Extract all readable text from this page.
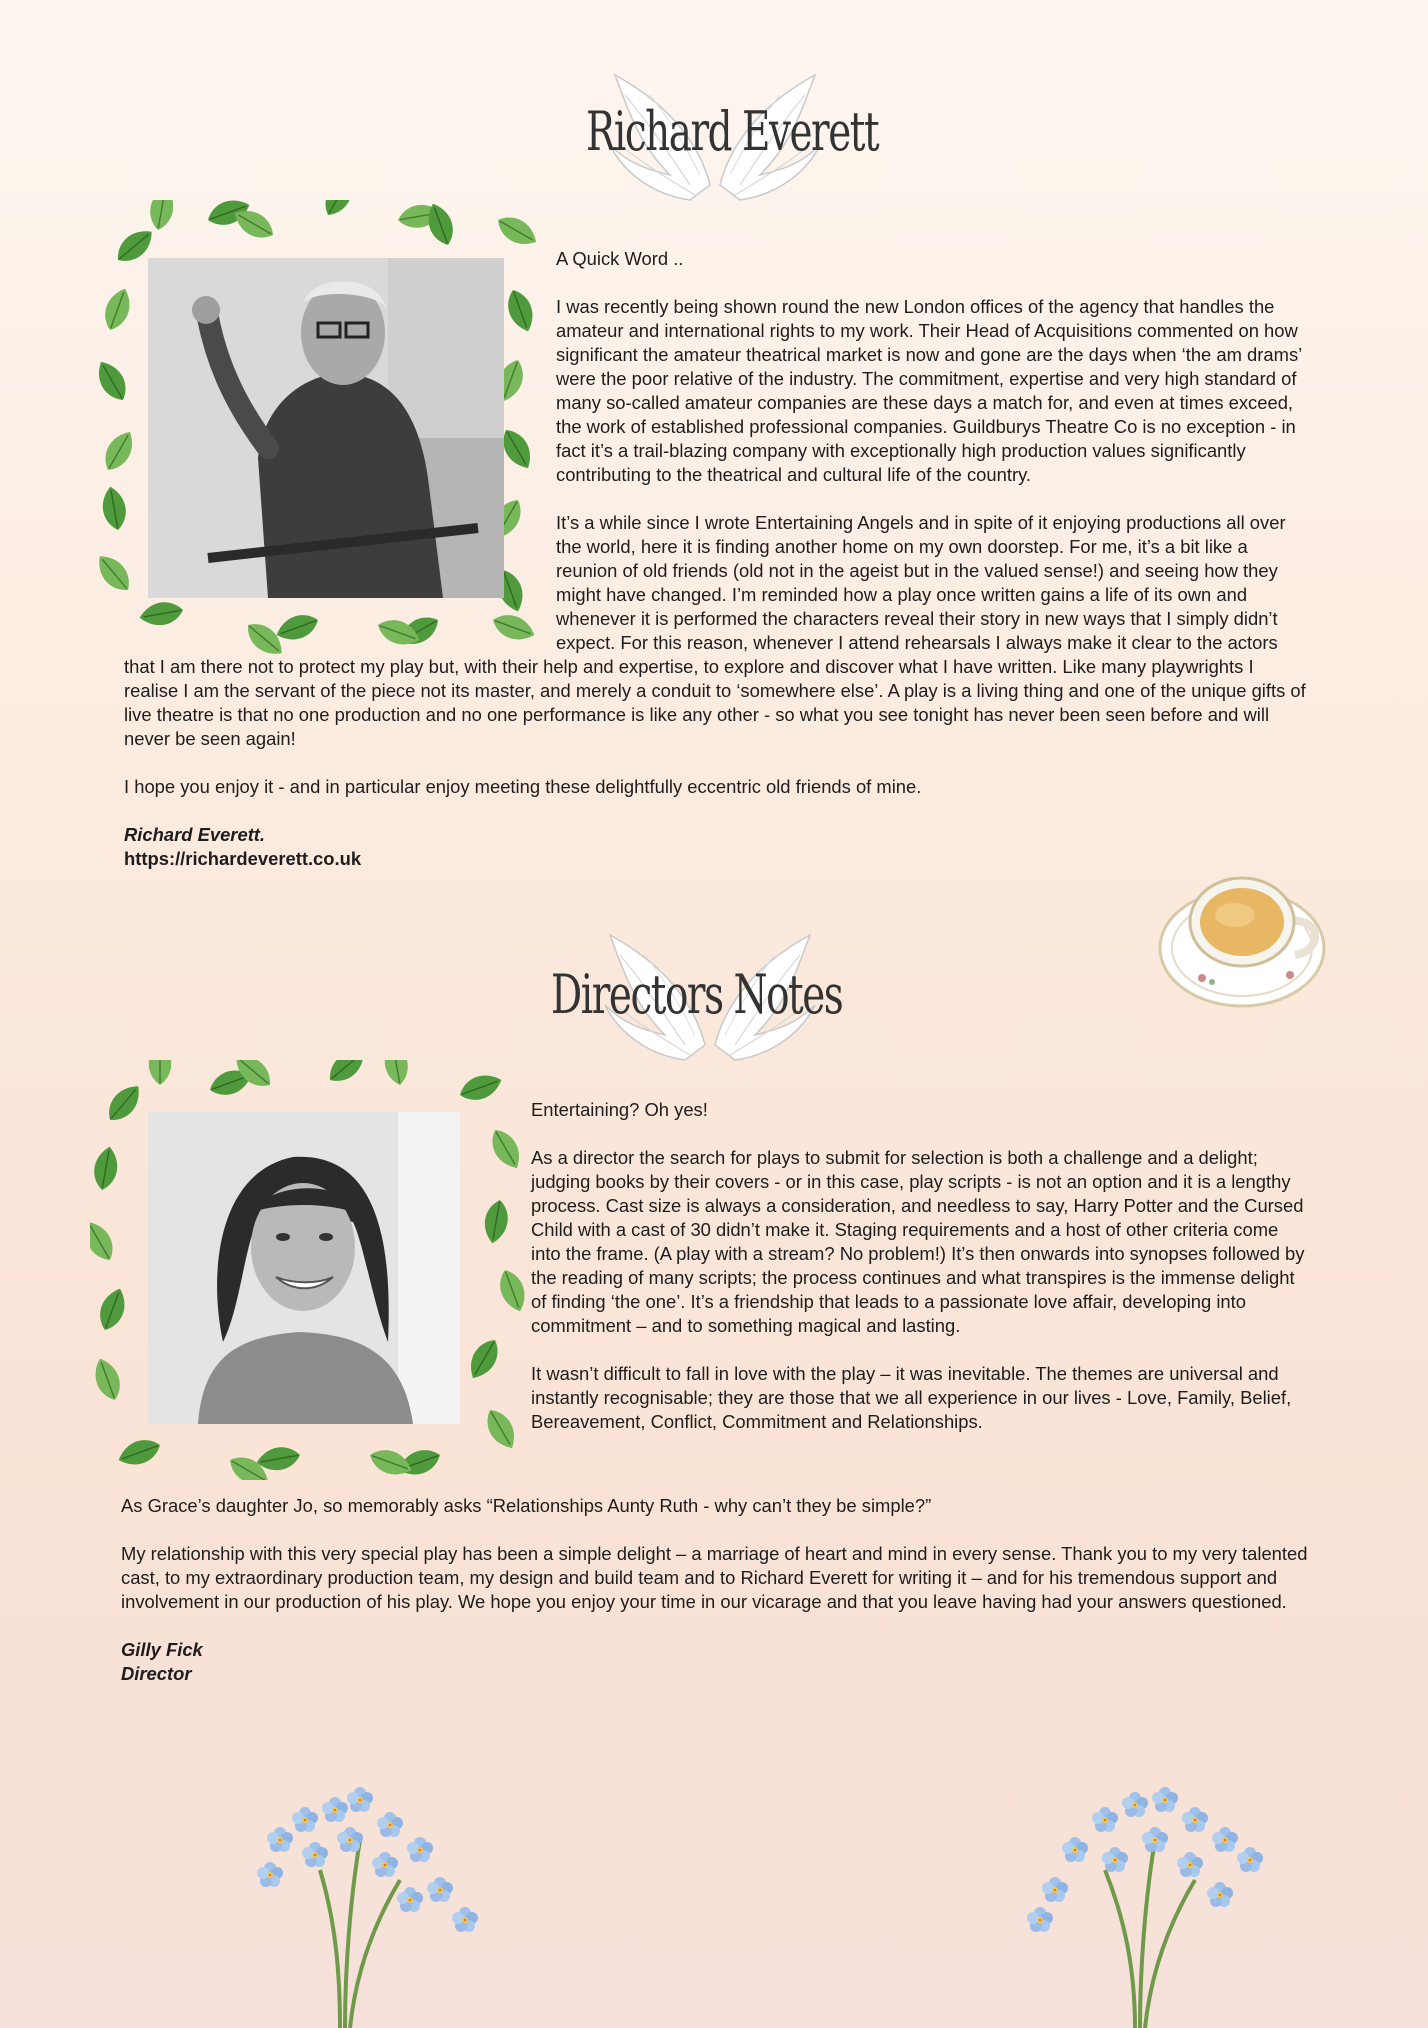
Richard Everett

A Quick Word ..

I was recently being shown round the new London offices of the agency that handles the amateur and international rights to my work. Their Head of Acquisitions commented on how significant the amateur theatrical market is now and gone are the days when ‘the am drams’ were the poor relative of the industry. The commitment, expertise and very high standard of many so-called amateur companies are these days a match for, and even at times exceed, the work of established professional companies. Guildburys Theatre Co is no exception - in fact it’s a trail-blazing company with exceptionally high production values significantly contributing to the theatrical and cultural life of the country.

It’s a while since I wrote Entertaining Angels and in spite of it enjoying productions all over the world, here it is finding another home on my own doorstep. For me, it’s a bit like a reunion of old friends (old not in the ageist but in the valued sense!) and seeing how they might have changed. I’m reminded how a play once written gains a life of its own and whenever it is performed the characters reveal their story in new ways that I simply didn’t expect. For this reason, whenever I attend rehearsals I always make it clear to the actors that I am there not to protect my play but, with their help and expertise, to explore and discover what I have written. Like many playwrights I realise I am the servant of the piece not its master, and merely a conduit to ‘somewhere else’. A play is a living thing and one of the unique gifts of live theatre is that no one production and no one performance is like any other - so what you see tonight has never been seen before and will never be seen again!

I hope you enjoy it - and in particular enjoy meeting these delightfully eccentric old friends of mine.

Richard Everett.

https://richardeverett.co.uk

Directors Notes

Entertaining? Oh yes!

As a director the search for plays to submit for selection is both a challenge and a delight; judging books by their covers - or in this case, play scripts - is not an option and it is a lengthy process. Cast size is always a consideration, and needless to say, Harry Potter and the Cursed Child with a cast of 30 didn’t make it. Staging requirements and a host of other criteria come into the frame. (A play with a stream? No problem!) It’s then onwards into synopses followed by the reading of many scripts; the process continues and what transpires is the immense delight of finding ‘the one’. It’s a friendship that leads to a passionate love affair, developing into commitment – and to something magical and lasting.

It wasn’t difficult to fall in love with the play – it was inevitable. The themes are universal and instantly recognisable; they are those that we all experience in our lives - Love, Family, Belief, Bereavement, Conflict, Commitment and Relationships.

As Grace’s daughter Jo, so memorably asks “Relationships Aunty Ruth - why can’t they be simple?”

My relationship with this very special play has been a simple delight – a marriage of heart and mind in every sense. Thank you to my very talented cast, to my extraordinary production team, my design and build team and to Richard Everett for writing it – and for his tremendous support and involvement in our production of his play. We hope you enjoy your time in our vicarage and that you leave having had your answers questioned.

Gilly Fick

Director
